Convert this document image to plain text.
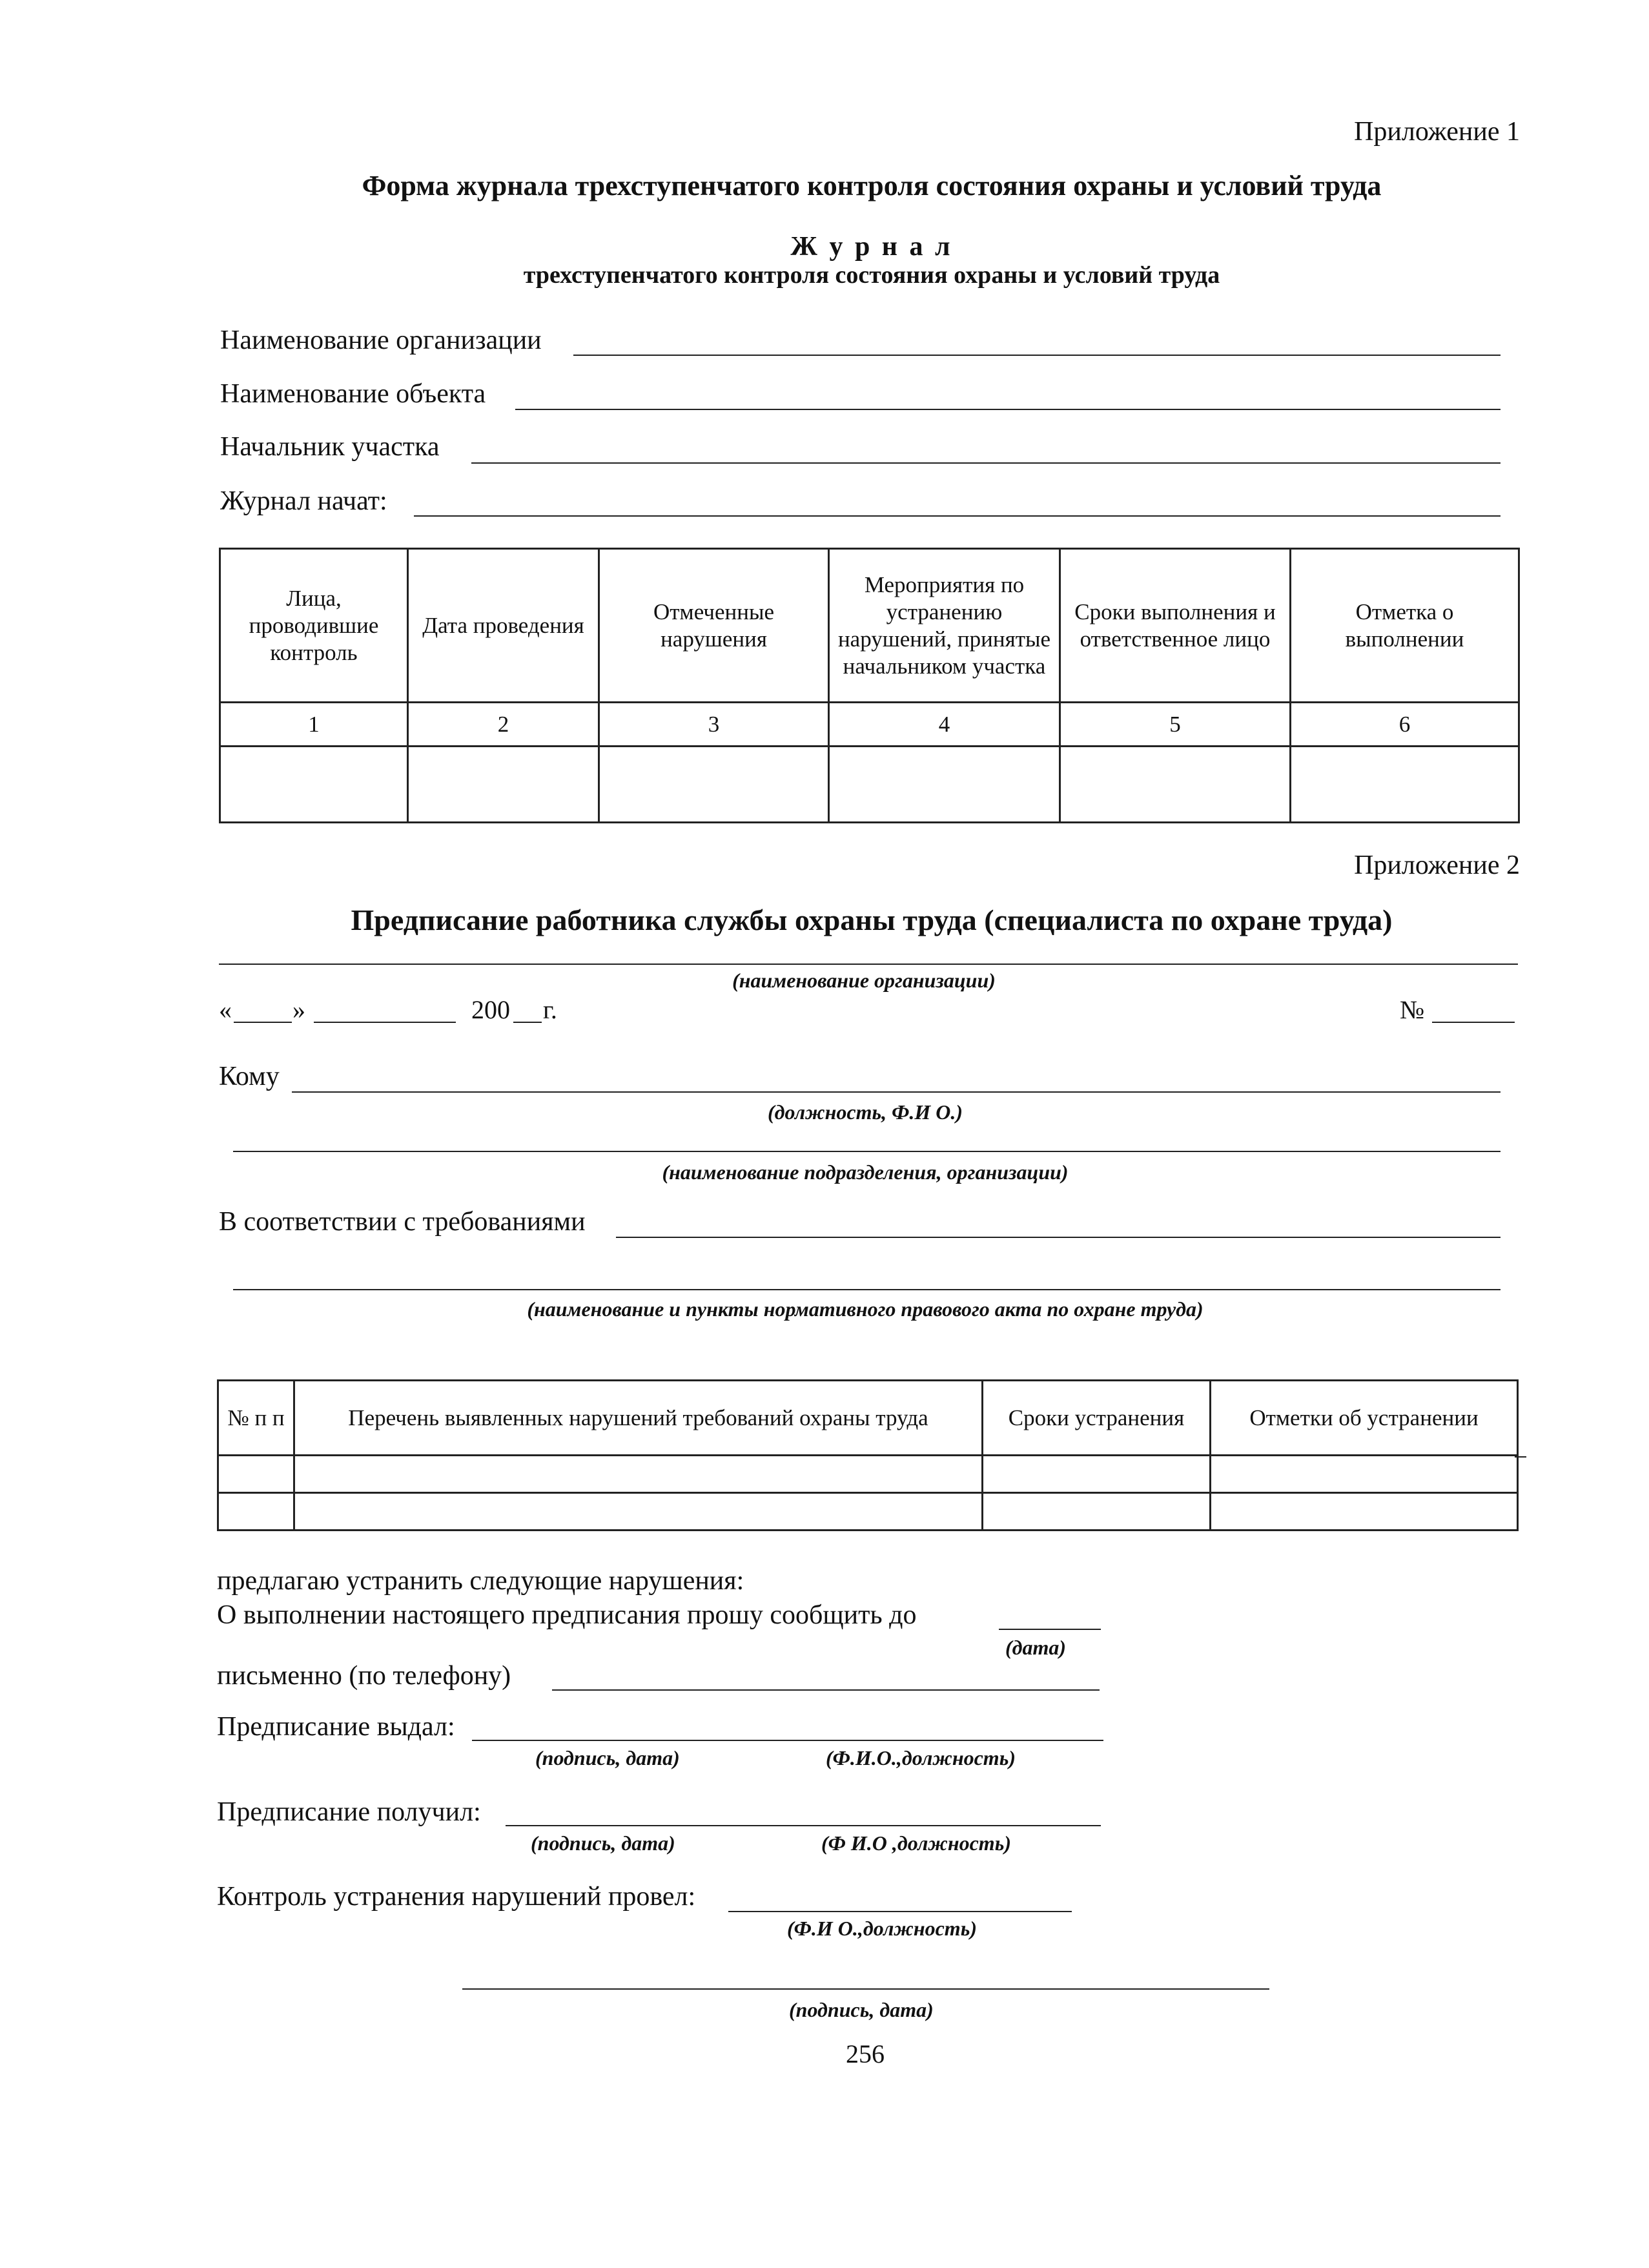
Приложение 1
Форма журнала трехступенчатого контроля состояния охраны и условий труда
Ж у р н а л
трехступенчатого контроля состояния охраны и условий труда
Наименование организации
Наименование объекта
Начальник участка
Журнал начат:
Лица, проводившие контроль	Дата проведения	Отмеченные нарушения	Мероприятия по устранению нарушений, принятые начальником участка	Сроки выполнения и ответственное лицо	Отметка о выполнении
1	2	3	4	5	6

Приложение 2
Предписание работника службы охраны труда (специалиста по охране труда)
(наименование организации)
« »	200 г.	№
Кому
(должность, Ф.И О.)
(наименование подразделения, организации)
В соответствии с требованиями
(наименование и пункты нормативного правового акта по охране труда)
№ п п	Перечень выявленных нарушений требований охраны труда	Сроки устранения	Отметки об устранении

предлагаю устранить следующие нарушения:
О выполнении настоящего предписания прошу сообщить до
(дата)
письменно (по телефону)
Предписание выдал:
(подпись, дата)	(Ф.И.О.,должность)
Предписание получил:
(подпись, дата)	(Ф И.О ,должность)
Контроль устранения нарушений провел:
(Ф.И О.,должность)
(подпись, дата)
256
